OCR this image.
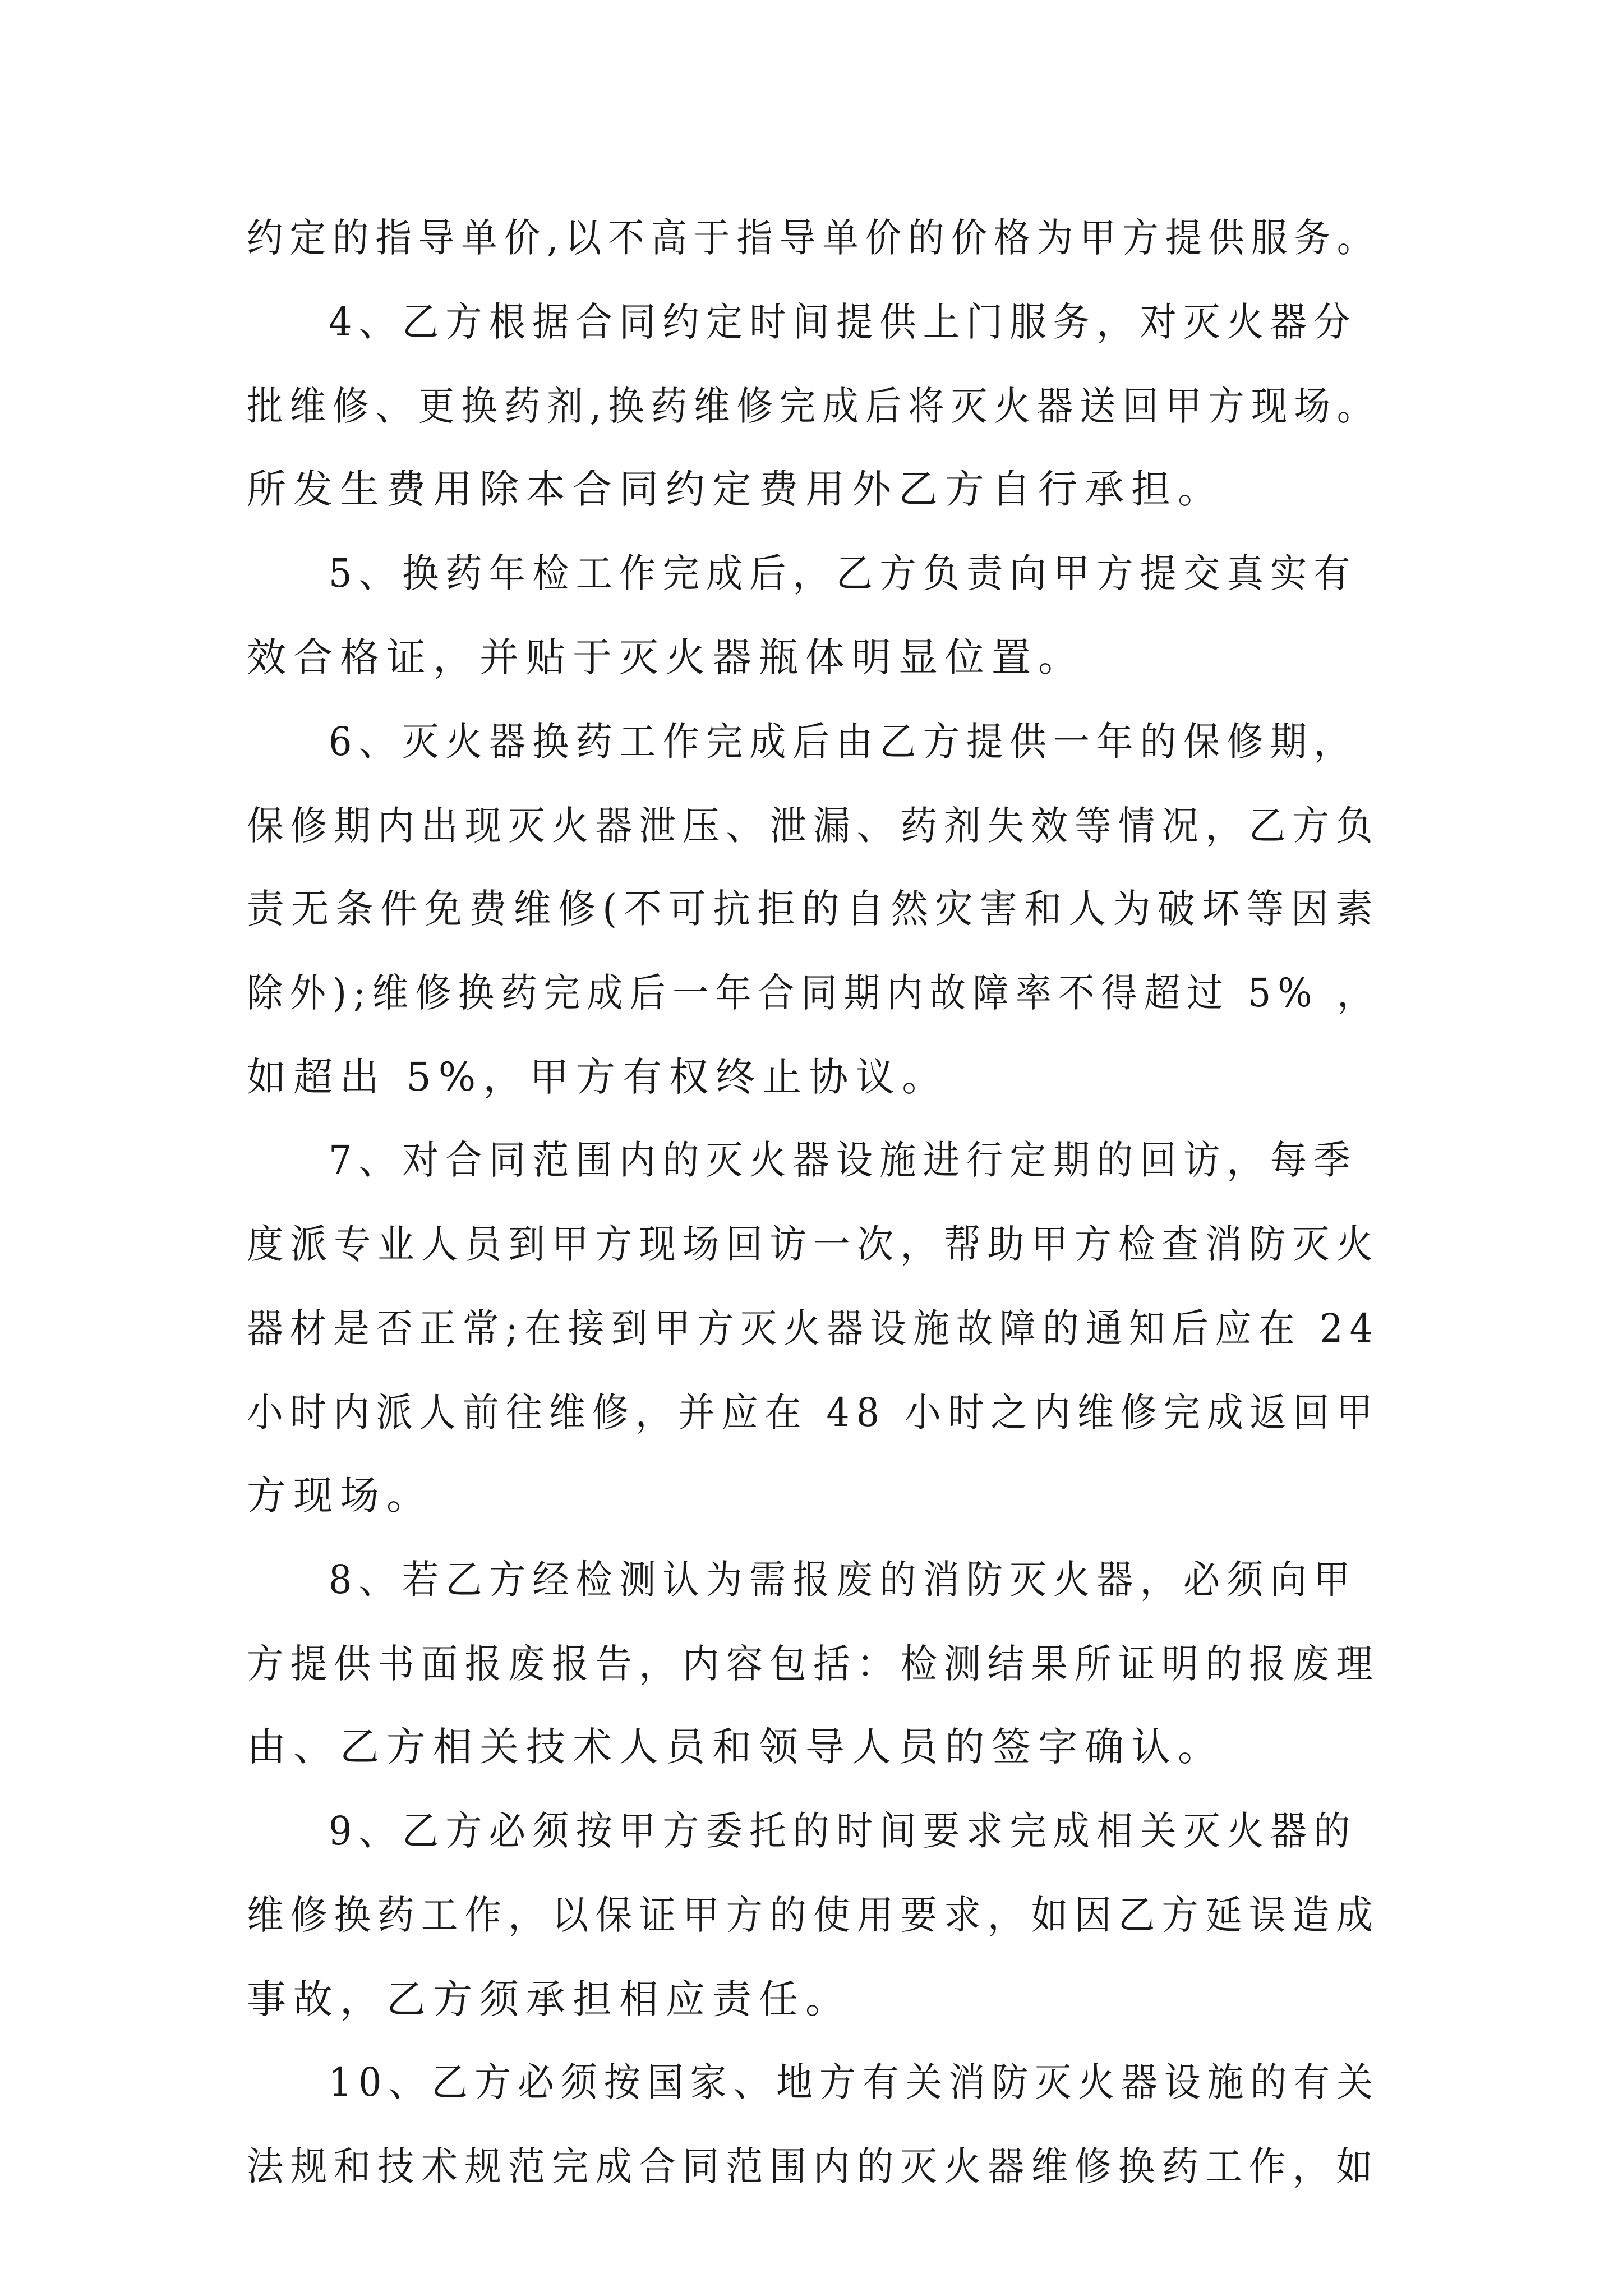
约定的指导单价,以不高于指导单价的价格为甲方提供服务。
4、乙方根据合同约定时间提供上门服务，对灭火器分
批维修、更换药剂,换药维修完成后将灭火器送回甲方现场。
所发生费用除本合同约定费用外乙方自行承担。
5、换药年检工作完成后，乙方负责向甲方提交真实有
效合格证，并贴于灭火器瓶体明显位置。
6、灭火器换药工作完成后由乙方提供一年的保修期，
保修期内出现灭火器泄压、泄漏、药剂失效等情况，乙方负
责无条件免费维修(不可抗拒的自然灾害和人为破坏等因素
除外);维修换药完成后一年合同期内故障率不得超过 5% ，
如超出 5%，甲方有权终止协议。
7、对合同范围内的灭火器设施进行定期的回访，每季
度派专业人员到甲方现场回访一次，帮助甲方检查消防灭火
器材是否正常;在接到甲方灭火器设施故障的通知后应在 24
小时内派人前往维修，并应在 48 小时之内维修完成返回甲
方现场。
8、若乙方经检测认为需报废的消防灭火器，必须向甲
方提供书面报废报告，内容包括：检测结果所证明的报废理
由、乙方相关技术人员和领导人员的签字确认。
9、乙方必须按甲方委托的时间要求完成相关灭火器的
维修换药工作，以保证甲方的使用要求，如因乙方延误造成
事故，乙方须承担相应责任。
10、乙方必须按国家、地方有关消防灭火器设施的有关
法规和技术规范完成合同范围内的灭火器维修换药工作，如
